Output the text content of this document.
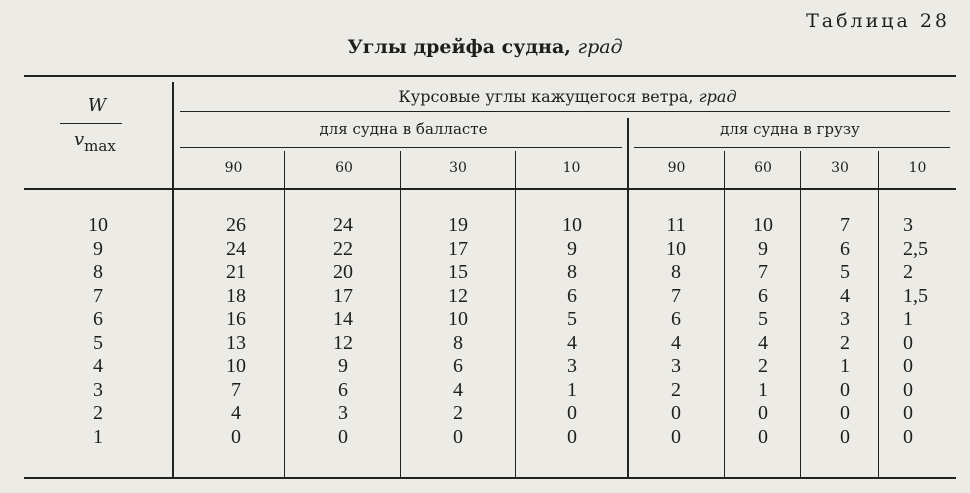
Таблица 28
Углы дрейфа судна, град
W
$v_{max}$
Курсовые углы кажущегося ветра, град
для судна в балласте	для судна в грузу
90	60	30	10	90	60	30	10
10	26	24	19	10	11	10	7	3
9	24	22	17	9	10	9	6	2,5
8	21	20	15	8	8	7	5	2
7	18	17	12	6	7	6	4	1,5
6	16	14	10	5	6	5	3	1
5	13	12	8	4	4	4	2	0
4	10	9	6	3	3	2	1	0
3	7	6	4	1	2	1	0	0
2	4	3	2	0	0	0	0	0
1	0	0	0	0	0	0	0	0
